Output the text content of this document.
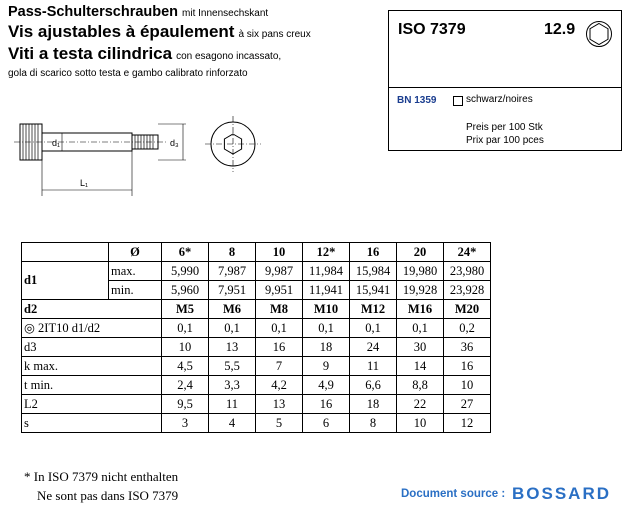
Pass-Schulterschrauben mit Innensechskant
Vis ajustables à épaulement à six pans creux
Viti a testa cilindrica con esagono incassato,
gola di scarico sotto testa e gambo calibrato rinforzato
ISO 7379	12.9
BN 1359	schwarz/noires
Preis per 100 Stk
Prix par 100 pces
d₁	d₃
L₁
	Ø	6*	8	10	12*	16	20	24*
d1	max.	5,990	7,987	9,987	11,984	15,984	19,980	23,980
	min.	5,960	7,951	9,951	11,941	15,941	19,928	23,928
d2		M5	M6	M8	M10	M12	M16	M20
◎ 2IT10 d1/d2		0,1	0,1	0,1	0,1	0,1	0,1	0,2
d3		10	13	16	18	24	30	36
k max.		4,5	5,5	7	9	11	14	16
t min.		2,4	3,3	4,2	4,9	6,6	8,8	10
L2		9,5	11	13	16	18	22	27
s		3	4	5	6	8	10	12
* In ISO 7379 nicht enthalten
Ne sont pas dans ISO 7379	Document source : BOSSARD
